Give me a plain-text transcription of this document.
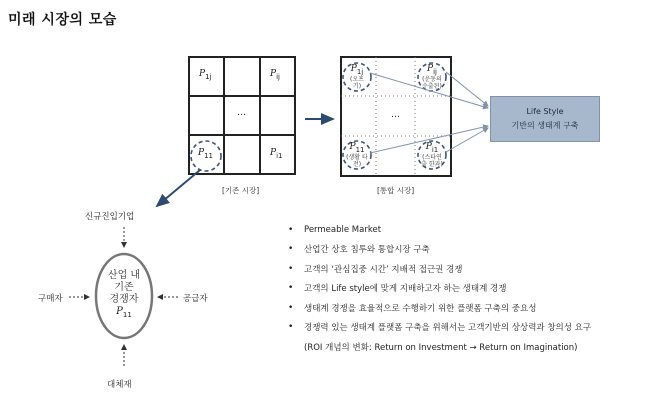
미래 시장의 모습
$P_{1j}$	$P_{ij}$
…
$P_{11}$	$P_{i1}$
[기존 시장]
$P_{1j}$
(오프기)
$P_{ij}$
(운동의 수출된)
$P_{11}$
(생활 타전)
$P_{i1}$
(스타연출 한과)
…
[통합 시장]
Life Style
기반의 생태계 구축
신규진입기업
구매자	공급자
대체재
산업 내
기존
경쟁자
$P_{11}$
•	Permeable Market
•	산업간 상호 침투와 통합시장 구축
•	고객의 ‘관심집중 시간’ 지배적 접근권 경쟁
•	고객의 Life style에 맞게 지배하고자 하는 생태계 경쟁
•	생태계 경쟁을 효율적으로 수행하기 위한 플랫폼 구축의 중요성
•	경쟁력 있는 생태계 플랫폼 구축을 위해서는 고객기반의 상상력과 창의성 요구
(ROI 개념의 변화: Return on Investment → Return on Imagination)
